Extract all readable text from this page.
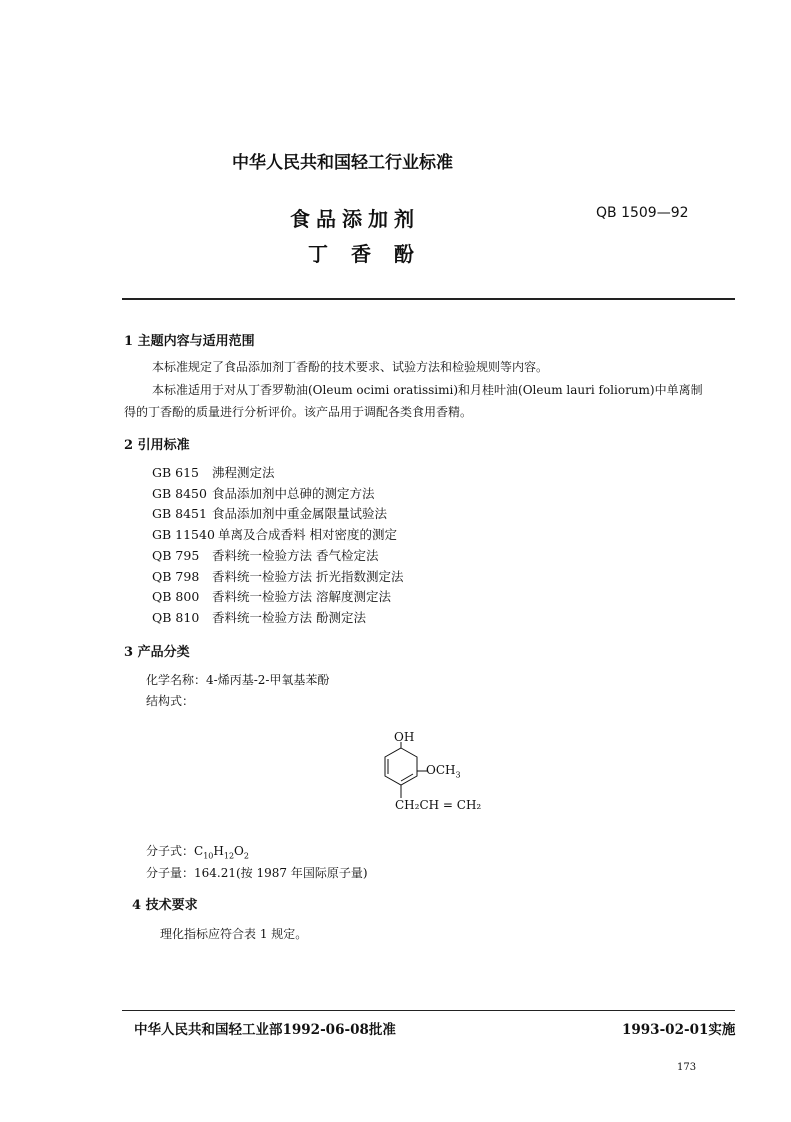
中华人民共和国轻工行业标准
食品添加剂
丁 香 酚
QB 1509—92
1 主题内容与适用范围
本标准规定了食品添加剂丁香酚的技术要求、试验方法和检验规则等内容。
本标准适用于对从丁香罗勒油(Oleum ocimi oratissimi)和月桂叶油(Oleum lauri foliorum)中单离制
得的丁香酚的质量进行分析评价。该产品用于调配各类食用香精。
2 引用标准
GB 615 沸程测定法
GB 8450 食品添加剂中总砷的测定方法
GB 8451 食品添加剂中重金属限量试验法
GB 11540 单离及合成香料 相对密度的测定
QB 795 香料统一检验方法 香气检定法
QB 798 香料统一检验方法 折光指数测定法
QB 800 香料统一检验方法 溶解度测定法
QB 810 香料统一检验方法 酚测定法
3 产品分类
化学名称：4-烯丙基-2-甲氧基苯酚
结构式：
OH
$OCH_3$
CH₂CH = CH₂
分子式：$C_{10}H_{12}O_2$
分子量：164.21(按 1987 年国际原子量)
4 技术要求
理化指标应符合表 1 规定。
中华人民共和国轻工业部1992-06-08批准	1993-02-01实施
173
